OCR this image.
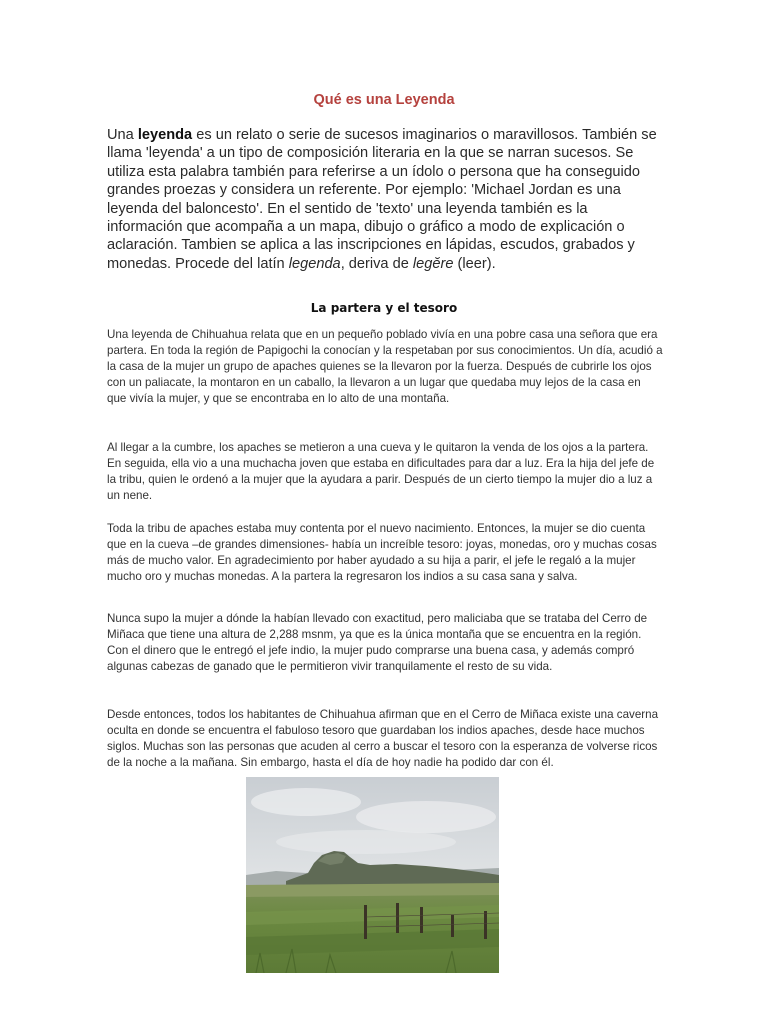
Qué es una Leyenda
Una leyenda es un relato o serie de sucesos imaginarios o maravillosos. También se llama 'leyenda' a un tipo de composición literaria en la que se narran sucesos. Se utiliza esta palabra también para referirse a un ídolo o persona que ha conseguido grandes proezas y considera un referente. Por ejemplo: 'Michael Jordan es una leyenda del baloncesto'. En el sentido de 'texto' una leyenda también es la información que acompaña a un mapa, dibujo o gráfico a modo de explicación o aclaración. Tambien se aplica a las inscripciones en lápidas, escudos, grabados y monedas. Procede del latín legenda, deriva de legĕre (leer).
La partera y el tesoro

Una leyenda de Chihuahua relata que en un pequeño poblado vivía en una pobre casa una señora que era partera. En toda la región de Papigochi la conocían y la respetaban por sus conocimientos. Un día, acudió a la casa de la mujer un grupo de apaches quienes se la llevaron por la fuerza. Después de cubrirle los ojos con un paliacate, la montaron en un caballo, la llevaron a un lugar que quedaba muy lejos de la casa en que vivía la mujer, y que se encontraba en lo alto de una montaña.

Al llegar a la cumbre, los apaches se metieron a una cueva y le quitaron la venda de los ojos a la partera. En seguida, ella vio a una muchacha joven que estaba en dificultades para dar a luz. Era la hija del jefe de la tribu, quien le ordenó a la mujer que la ayudara a parir. Después de un cierto tiempo la mujer dio a luz a un nene.

Toda la tribu de apaches estaba muy contenta por el nuevo nacimiento. Entonces, la mujer se dio cuenta que en la cueva –de grandes dimensiones- había un increíble tesoro: joyas, monedas, oro y muchas cosas más de mucho valor. En agradecimiento por haber ayudado a su hija a parir, el jefe le regaló a la mujer mucho oro y muchas monedas. A la partera la regresaron los indios a su casa sana y salva.

Nunca supo la mujer a dónde la habían llevado con exactitud, pero maliciaba que se trataba del Cerro de Miñaca que tiene una altura de 2,288 msnm, ya que es la única montaña que se encuentra en la región. Con el dinero que le entregó el jefe indio, la mujer pudo comprarse una buena casa, y además compró algunas cabezas de ganado que le permitieron vivir tranquilamente el resto de su vida.

Desde entonces, todos los habitantes de Chihuahua afirman que en el Cerro de Miñaca existe una caverna oculta en donde se encuentra el fabuloso tesoro que guardaban los indios apaches, desde hace muchos siglos. Muchas son las personas que acuden al cerro a buscar el tesoro con la esperanza de volverse ricos de la noche a la mañana. Sin embargo, hasta el día de hoy nadie ha podido dar con él.
